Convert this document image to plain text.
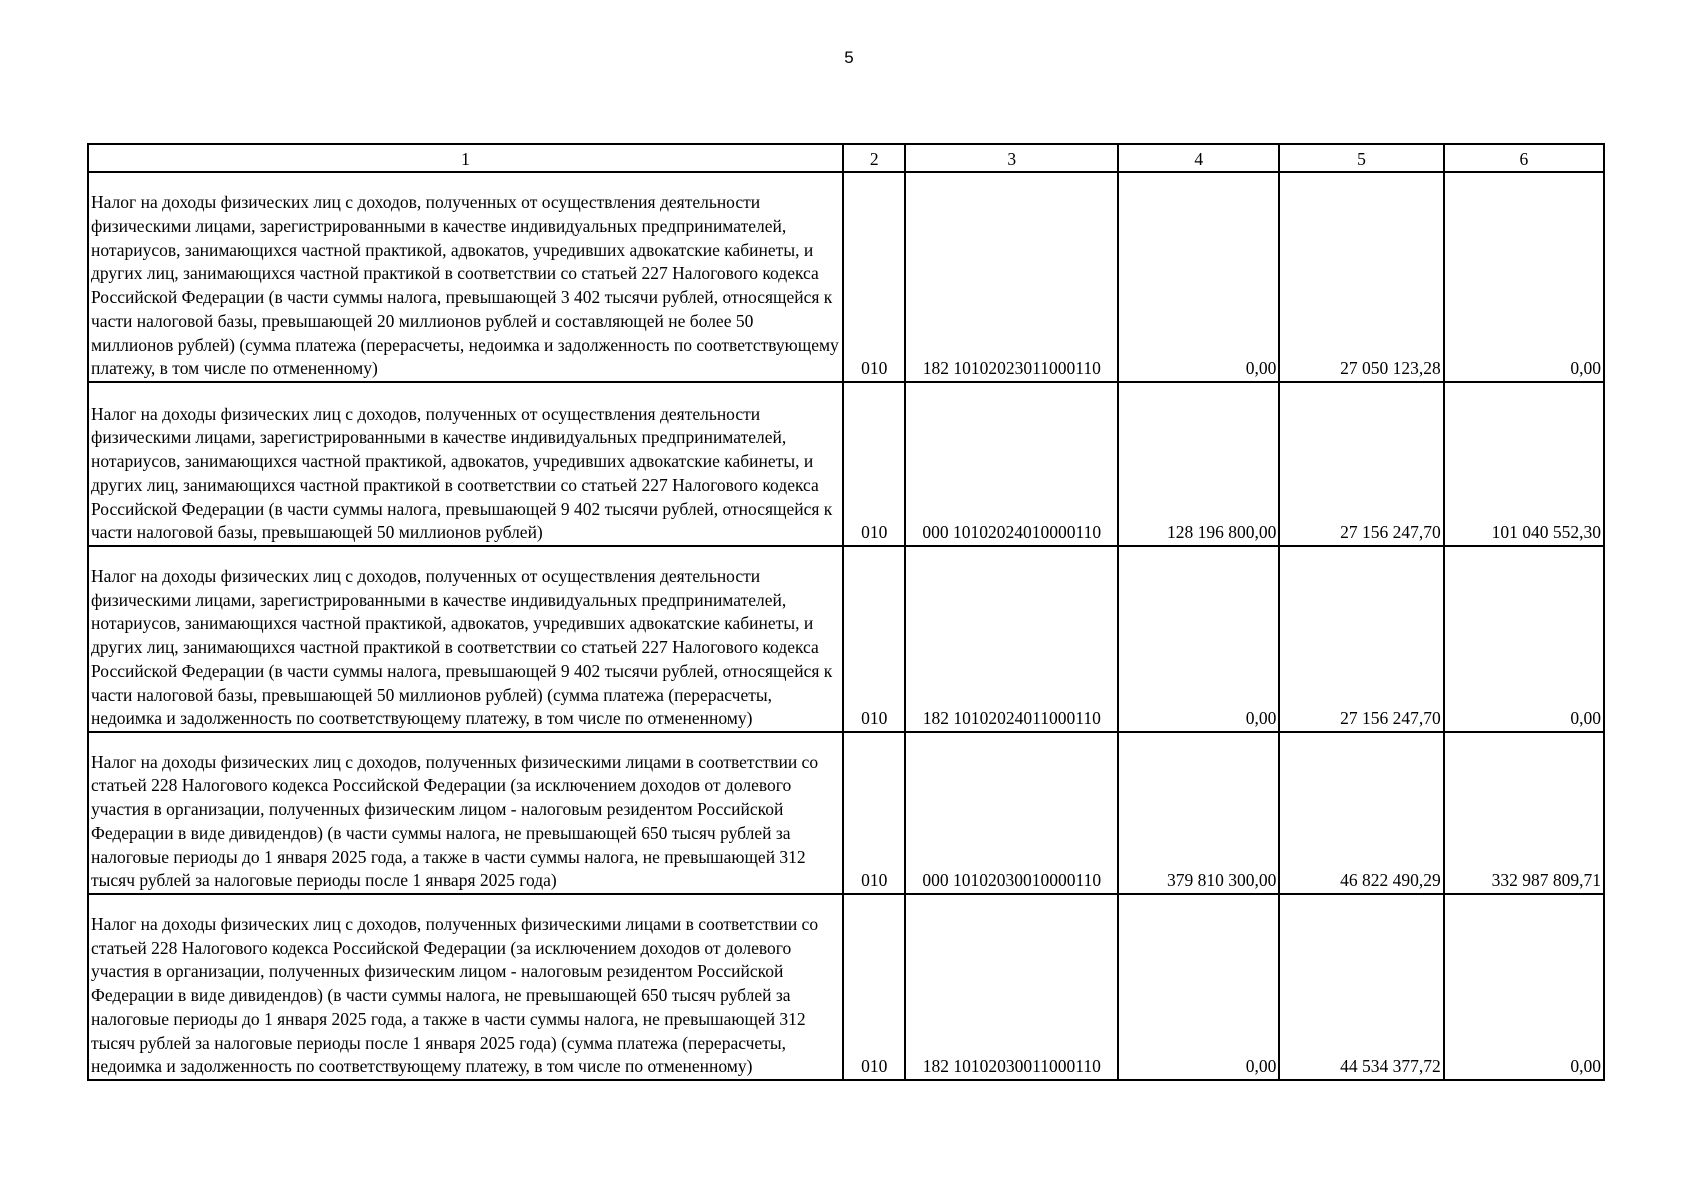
5
1	2	3	4	5	6

Налог на доходы физических лиц с доходов, полученных от осуществления деятельности физическими лицами, зарегистрированными в качестве индивидуальных предпринимателей, нотариусов, занимающихся частной практикой, адвокатов, учредивших адвокатские кабинеты, и других лиц, занимающихся частной практикой в соответствии со статьей 227 Налогового кодекса Российской Федерации (в части суммы налога, превышающей 3 402 тысячи рублей, относящейся к части налоговой базы, превышающей 20 миллионов рублей и составляющей не более 50 миллионов рублей) (сумма платежа (перерасчеты, недоимка и задолженность по соответствующему платежу, в том числе по отмененному)	010	182 10102023011000110	0,00	27 050 123,28	0,00

Налог на доходы физических лиц с доходов, полученных от осуществления деятельности физическими лицами, зарегистрированными в качестве индивидуальных предпринимателей, нотариусов, занимающихся частной практикой, адвокатов, учредивших адвокатские кабинеты, и других лиц, занимающихся частной практикой в соответствии со статьей 227 Налогового кодекса Российской Федерации (в части суммы налога, превышающей 9 402 тысячи рублей, относящейся к части налоговой базы, превышающей 50 миллионов рублей)	010	000 10102024010000110	128 196 800,00	27 156 247,70	101 040 552,30

Налог на доходы физических лиц с доходов, полученных от осуществления деятельности физическими лицами, зарегистрированными в качестве индивидуальных предпринимателей, нотариусов, занимающихся частной практикой, адвокатов, учредивших адвокатские кабинеты, и других лиц, занимающихся частной практикой в соответствии со статьей 227 Налогового кодекса Российской Федерации (в части суммы налога, превышающей 9 402 тысячи рублей, относящейся к части налоговой базы, превышающей 50 миллионов рублей) (сумма платежа (перерасчеты, недоимка и задолженность по соответствующему платежу, в том числе по отмененному)	010	182 10102024011000110	0,00	27 156 247,70	0,00

Налог на доходы физических лиц с доходов, полученных физическими лицами в соответствии со статьей 228 Налогового кодекса Российской Федерации (за исключением доходов от долевого участия в организации, полученных физическим лицом - налоговым резидентом Российской Федерации в виде дивидендов) (в части суммы налога, не превышающей 650 тысяч рублей за налоговые периоды до 1 января 2025 года, а также в части суммы налога, не превышающей 312 тысяч рублей за налоговые периоды после 1 января 2025 года)	010	000 10102030010000110	379 810 300,00	46 822 490,29	332 987 809,71

Налог на доходы физических лиц с доходов, полученных физическими лицами в соответствии со статьей 228 Налогового кодекса Российской Федерации (за исключением доходов от долевого участия в организации, полученных физическим лицом - налоговым резидентом Российской Федерации в виде дивидендов) (в части суммы налога, не превышающей 650 тысяч рублей за налоговые периоды до 1 января 2025 года, а также в части суммы налога, не превышающей 312 тысяч рублей за налоговые периоды после 1 января 2025 года) (сумма платежа (перерасчеты, недоимка и задолженность по соответствующему платежу, в том числе по отмененному)	010	182 10102030011000110	0,00	44 534 377,72	0,00
